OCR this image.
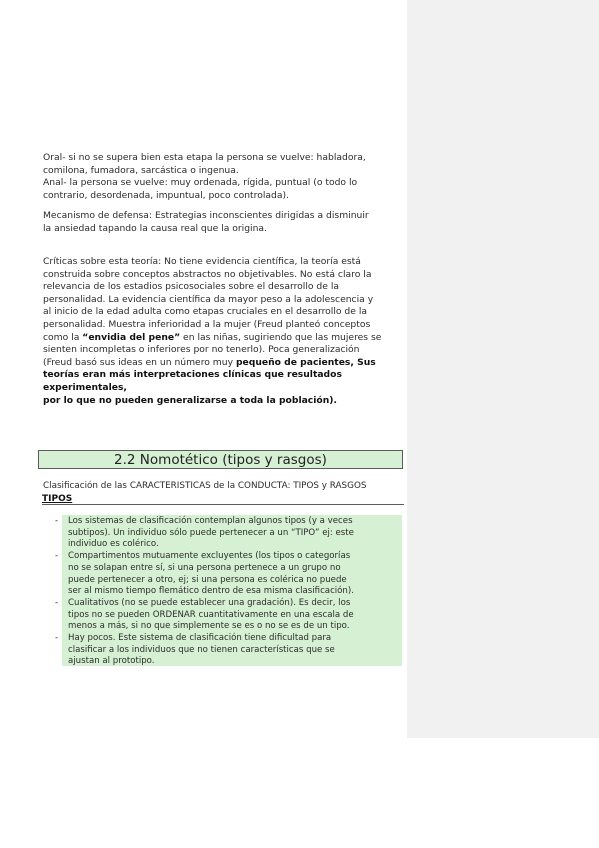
Oral- si no se supera bien esta etapa la persona se vuelve: habladora,

comilona, fumadora, sarcástica o ingenua.

Anal- la persona se vuelve: muy ordenada, rígida, puntual (o todo lo

contrario, desordenada, impuntual, poco controlada).

Mecanismo de defensa: Estrategias inconscientes dirigidas a disminuir

la ansiedad tapando la causa real que la origina.

Críticas sobre esta teoría: No tiene evidencia científica, la teoría está

construida sobre conceptos abstractos no objetivables. No está claro la

relevancia de los estadios psicosociales sobre el desarrollo de la

personalidad. La evidencia científica da mayor peso a la adolescencia y

al inicio de la edad adulta como etapas cruciales en el desarrollo de la

personalidad. Muestra inferioridad a la mujer (Freud planteó conceptos

como la “envidia del pene” en las niñas, sugiriendo que las mujeres se

sienten incompletas o inferiores por no tenerlo). Poca generalización

(Freud basó sus ideas en un número muy pequeño de pacientes, Sus

teorías eran más interpretaciones clínicas que resultados experimentales,

por lo que no pueden generalizarse a toda la población).

2.2 Nomotético (tipos y rasgos)
Clasificación de las CARACTERISTICAS de la CONDUCTA: TIPOS y RASGOS
TIPOS
- Los sistemas de clasificación contemplan algunos tipos (y a veces
subtipos). Un individuo sólo puede pertenecer a un “TIPO” ej: este
individuo es colérico.
- Compartimentos mutuamente excluyentes (los tipos o categorías
no se solapan entre sí, si una persona pertenece a un grupo no
puede pertenecer a otro, ej; si una persona es colérica no puede
ser al mismo tiempo flemático dentro de esa misma clasificación).
- Cualitativos (no se puede establecer una gradación). Es decir, los
tipos no se pueden ORDENAR cuantitativamente en una escala de
menos a más, si no que simplemente se es o no se es de un tipo.
- Hay pocos. Este sistema de clasificación tiene dificultad para
clasificar a los individuos que no tienen características que se
ajustan al prototipo.
